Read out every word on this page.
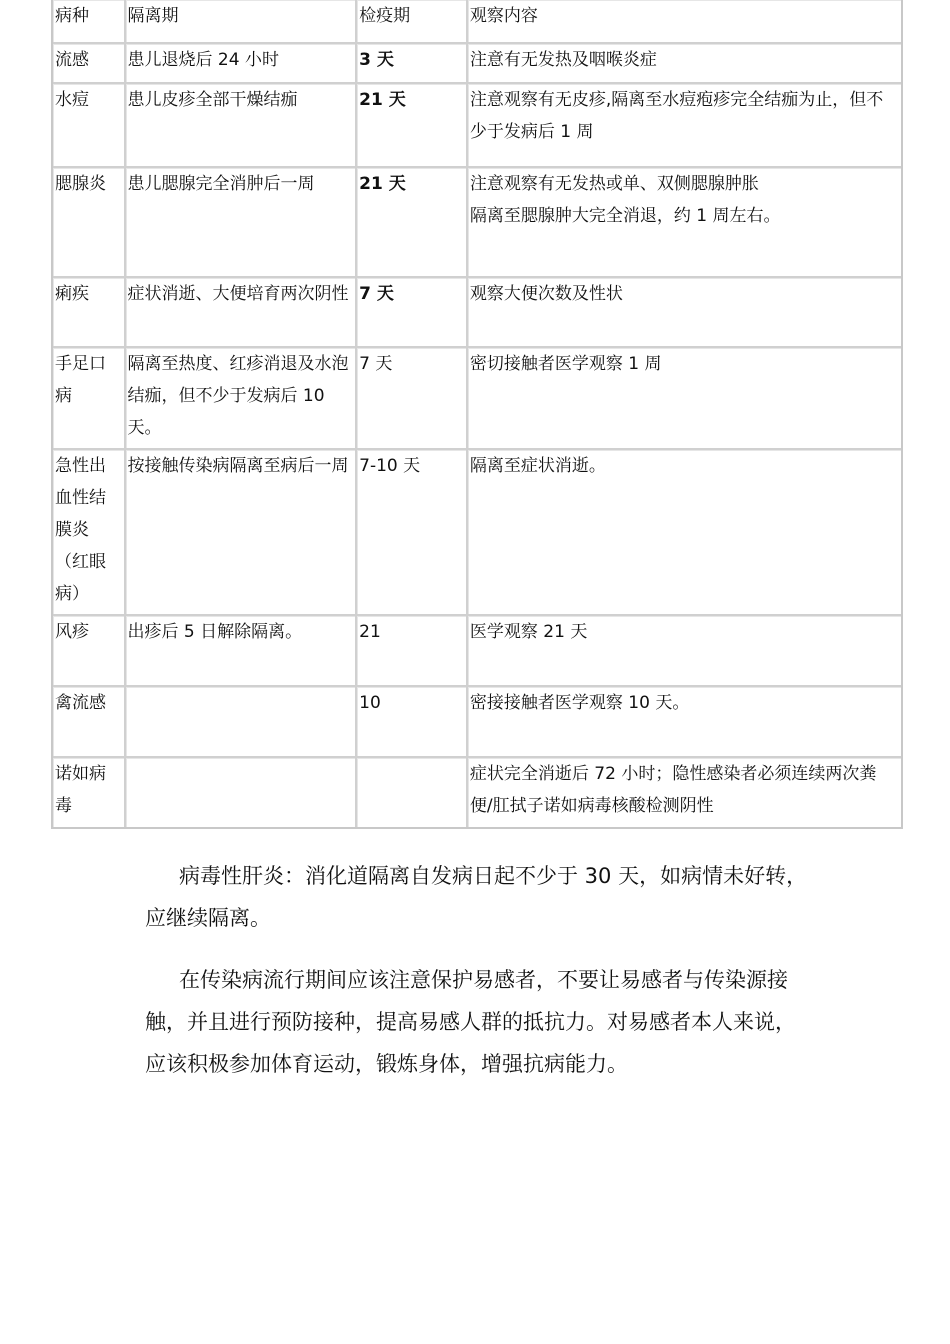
病种	隔离期	检疫期	观察内容
流感	患儿退烧后 24 小时	3 天	注意有无发热及咽喉炎症
水痘	患儿皮疹全部干燥结痂	21 天	注意观察有无皮疹,隔离至水痘疱疹完全结痂为止，但不少于发病后 1 周
腮腺炎	患儿腮腺完全消肿后一周	21 天	注意观察有无发热或单、双侧腮腺肿胀
隔离至腮腺肿大完全消退，约 1 周左右。

痢疾	症状消逝、大便培育两次阴性	7 天	观察大便次数及性状
手足口病	隔离至热度、红疹消退及水泡结痂，但不少于发病后 10 天。	7 天	密切接触者医学观察 1 周
急性出血性结膜炎（红眼病）	按接触传染病隔离至病后一周	7-10 天	隔离至症状消逝。
风疹	出疹后 5 日解除隔离。	21	医学观察 21 天
禽流感		10	密接接触者医学观察 10 天。
诺如病毒			症状完全消逝后 72 小时；隐性感染者必须连续两次粪便/肛拭子诺如病毒核酸检测阴性

病毒性肝炎：消化道隔离自发病日起不少于 30 天，如病情未好转，应继续隔离。

在传染病流行期间应该注意保护易感者，不要让易感者与传染源接触，并且进行预防接种，提高易感人群的抵抗力。对易感者本人来说，应该积极参加体育运动，锻炼身体，增强抗病能力。
